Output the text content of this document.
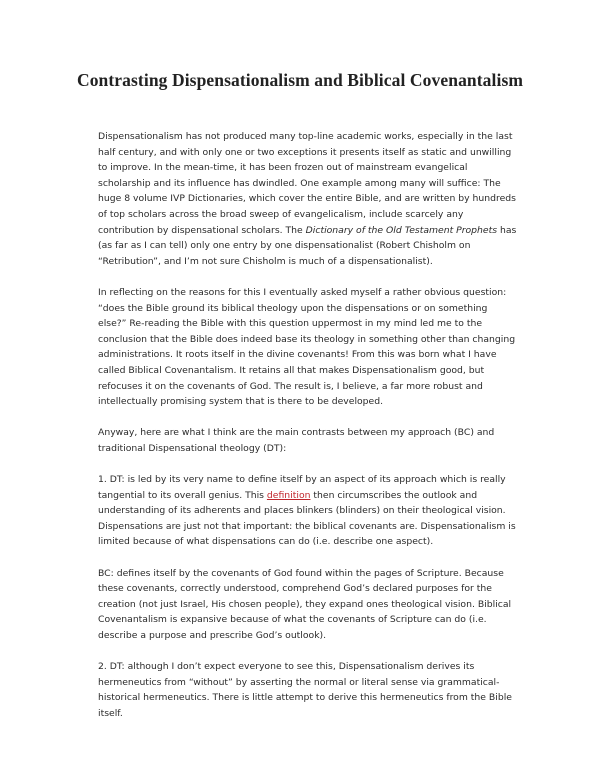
Contrasting Dispensationalism and Biblical Covenantalism

Dispensationalism has not produced many top-line academic works, especially in the last half century, and with only one or two exceptions it presents itself as static and unwilling to improve. In the mean-time, it has been frozen out of mainstream evangelical scholarship and its influence has dwindled. One example among many will suffice: The huge 8 volume IVP Dictionaries, which cover the entire Bible, and are written by hundreds of top scholars across the broad sweep of evangelicalism, include scarcely any contribution by dispensational scholars. The Dictionary of the Old Testament Prophets has (as far as I can tell) only one entry by one dispensationalist (Robert Chisholm on “Retribution”, and I’m not sure Chisholm is much of a dispensationalist).

In reflecting on the reasons for this I eventually asked myself a rather obvious question: “does the Bible ground its biblical theology upon the dispensations or on something else?” Re-reading the Bible with this question uppermost in my mind led me to the conclusion that the Bible does indeed base its theology in something other than changing administrations. It roots itself in the divine covenants! From this was born what I have called Biblical Covenantalism. It retains all that makes Dispensationalism good, but refocuses it on the covenants of God. The result is, I believe, a far more robust and intellectually promising system that is there to be developed.

Anyway, here are what I think are the main contrasts between my approach (BC) and traditional Dispensational theology (DT):

1. DT: is led by its very name to define itself by an aspect of its approach which is really tangential to its overall genius. This definition then circumscribes the outlook and understanding of its adherents and places blinkers (blinders) on their theological vision. Dispensations are just not that important: the biblical covenants are. Dispensationalism is limited because of what dispensations can do (i.e. describe one aspect).

BC: defines itself by the covenants of God found within the pages of Scripture. Because these covenants, correctly understood, comprehend God’s declared purposes for the creation (not just Israel, His chosen people), they expand ones theological vision. Biblical Covenantalism is expansive because of what the covenants of Scripture can do (i.e. describe a purpose and prescribe God’s outlook).

2. DT: although I don’t expect everyone to see this, Dispensationalism derives its hermeneutics from “without” by asserting the normal or literal sense via grammatical-historical hermeneutics. There is little attempt to derive this hermeneutics from the Bible itself.
